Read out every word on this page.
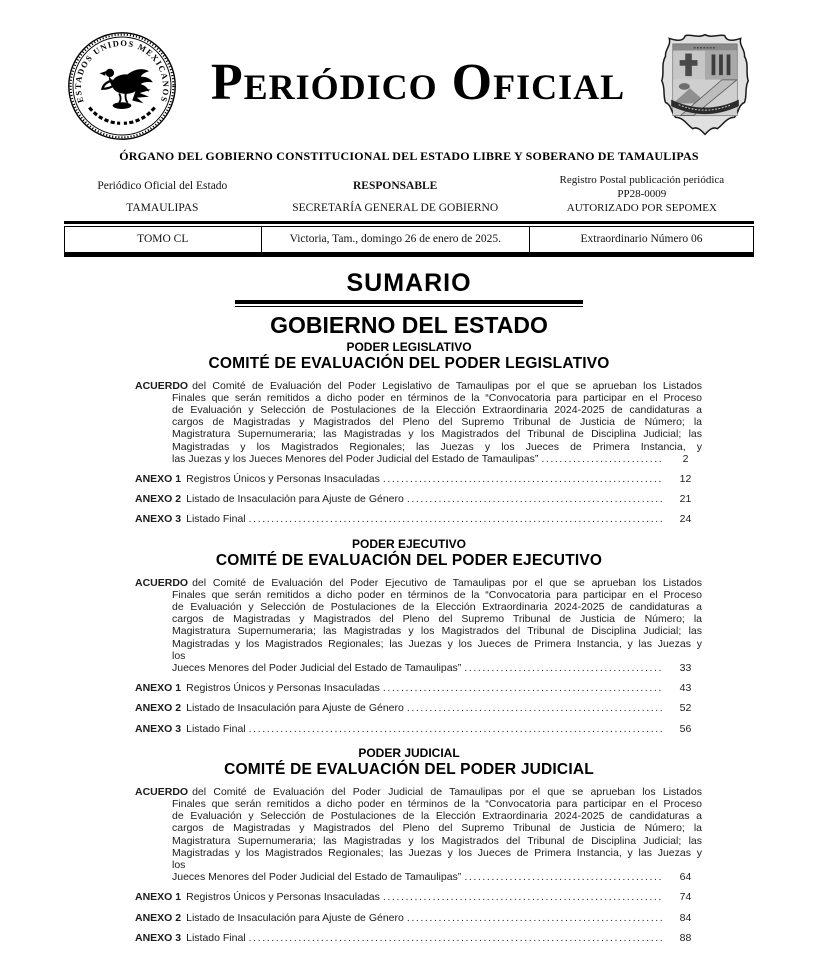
ESTADOS UNIDOS MEXICANOS Periódico Oficial
ÓRGANO DEL GOBIERNO CONSTITUCIONAL DEL ESTADO LIBRE Y SOBERANO DE TAMAULIPAS
Periódico Oficial del Estado
TAMAULIPAS
RESPONSABLE
SECRETARÍA GENERAL DE GOBIERNO
Registro Postal publicación periódica
PP28-0009
AUTORIZADO POR SEPOMEX
TOMO CL	Victoria, Tam., domingo 26 de enero de 2025.	Extraordinario Número 06
SUMARIO
GOBIERNO DEL ESTADO
PODER LEGISLATIVO
COMITÉ DE EVALUACIÓN DEL PODER LEGISLATIVO

ACUERDO del Comité de Evaluación del Poder Legislativo de Tamaulipas por el que se aprueban los Listados Finales que serán remitidos a dicho poder en términos de la “Convocatoria para participar en el Proceso de Evaluación y Selección de Postulaciones de la Elección Extraordinaria 2024-2025 de candidaturas a cargos de Magistradas y Magistrados del Pleno del Supremo Tribunal de Justicia de Número; la Magistratura Supernumeraria; las Magistradas y los Magistrados del Tribunal de Disciplina Judicial; las Magistradas y los Magistrados Regionales; las Juezas y los Jueces de Primera Instancia, y

las Juezas y los Jueces Menores del Poder Judicial del Estado de Tamaulipas” .....	2
ANEXO 1 Registros Únicos y Personas Insaculadas .....	12
ANEXO 2 Listado de Insaculación para Ajuste de Género .....	21
ANEXO 3 Listado Final .....	24
PODER EJECUTIVO
COMITÉ DE EVALUACIÓN DEL PODER EJECUTIVO

ACUERDO del Comité de Evaluación del Poder Ejecutivo de Tamaulipas por el que se aprueban los Listados Finales que serán remitidos a dicho poder en términos de la “Convocatoria para participar en el Proceso de Evaluación y Selección de Postulaciones de la Elección Extraordinaria 2024-2025 de candidaturas a cargos de Magistradas y Magistrados del Pleno del Supremo Tribunal de Justicia de Número; la Magistratura Supernumeraria; las Magistradas y los Magistrados del Tribunal de Disciplina Judicial; las Magistradas y los Magistrados Regionales; las Juezas y los Jueces de Primera Instancia, y las Juezas y los

Jueces Menores del Poder Judicial del Estado de Tamaulipas” .....	33
ANEXO 1 Registros Únicos y Personas Insaculadas .....	43
ANEXO 2 Listado de Insaculación para Ajuste de Género .....	52
ANEXO 3 Listado Final .....	56
PODER JUDICIAL
COMITÉ DE EVALUACIÓN DEL PODER JUDICIAL

ACUERDO del Comité de Evaluación del Poder Judicial de Tamaulipas por el que se aprueban los Listados Finales que serán remitidos a dicho poder en términos de la “Convocatoria para participar en el Proceso de Evaluación y Selección de Postulaciones de la Elección Extraordinaria 2024-2025 de candidaturas a cargos de Magistradas y Magistrados del Pleno del Supremo Tribunal de Justicia de Número; la Magistratura Supernumeraria; las Magistradas y los Magistrados del Tribunal de Disciplina Judicial; las Magistradas y los Magistrados Regionales; las Juezas y los Jueces de Primera Instancia, y las Juezas y los

Jueces Menores del Poder Judicial del Estado de Tamaulipas” .....	64
ANEXO 1 Registros Únicos y Personas Insaculadas .....	74
ANEXO 2 Listado de Insaculación para Ajuste de Género .....	84
ANEXO 3 Listado Final .....	88
